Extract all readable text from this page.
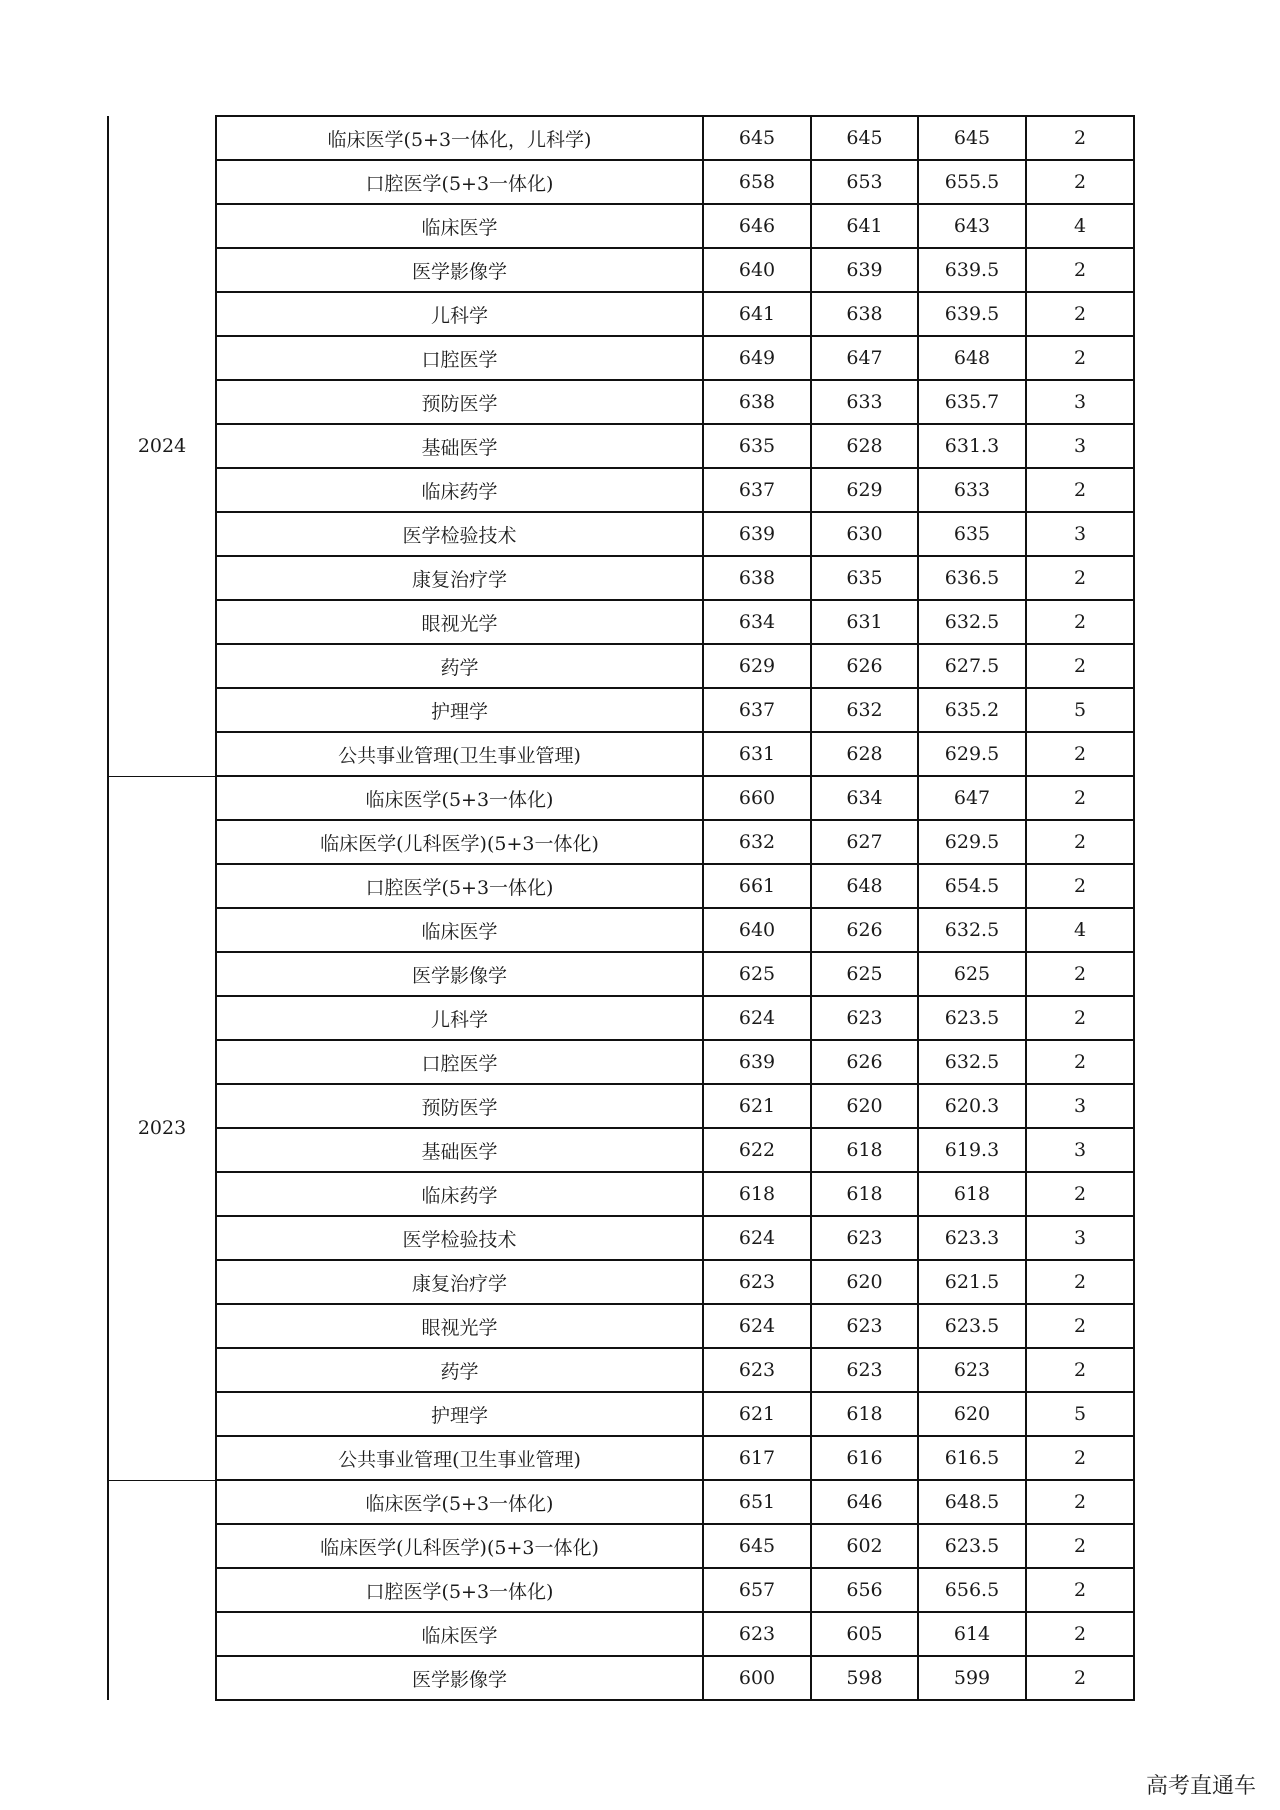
2024	临床医学(5+3一体化，儿科学)	645	645	645	2
	口腔医学(5+3一体化)	658	653	655.5	2
	临床医学	646	641	643	4
	医学影像学	640	639	639.5	2
	儿科学	641	638	639.5	2
	口腔医学	649	647	648	2
	预防医学	638	633	635.7	3
	基础医学	635	628	631.3	3
	临床药学	637	629	633	2
	医学检验技术	639	630	635	3
	康复治疗学	638	635	636.5	2
	眼视光学	634	631	632.5	2
	药学	629	626	627.5	2
	护理学	637	632	635.2	5
	公共事业管理(卫生事业管理)	631	628	629.5	2
2023	临床医学(5+3一体化)	660	634	647	2
	临床医学(儿科医学)(5+3一体化)	632	627	629.5	2
	口腔医学(5+3一体化)	661	648	654.5	2
	临床医学	640	626	632.5	4
	医学影像学	625	625	625	2
	儿科学	624	623	623.5	2
	口腔医学	639	626	632.5	2
	预防医学	621	620	620.3	3
	基础医学	622	618	619.3	3
	临床药学	618	618	618	2
	医学检验技术	624	623	623.3	3
	康复治疗学	623	620	621.5	2
	眼视光学	624	623	623.5	2
	药学	623	623	623	2
	护理学	621	618	620	5
	公共事业管理(卫生事业管理)	617	616	616.5	2
	临床医学(5+3一体化)	651	646	648.5	2
	临床医学(儿科医学)(5+3一体化)	645	602	623.5	2
	口腔医学(5+3一体化)	657	656	656.5	2
	临床医学	623	605	614	2
	医学影像学	600	598	599	2
高考直通车
